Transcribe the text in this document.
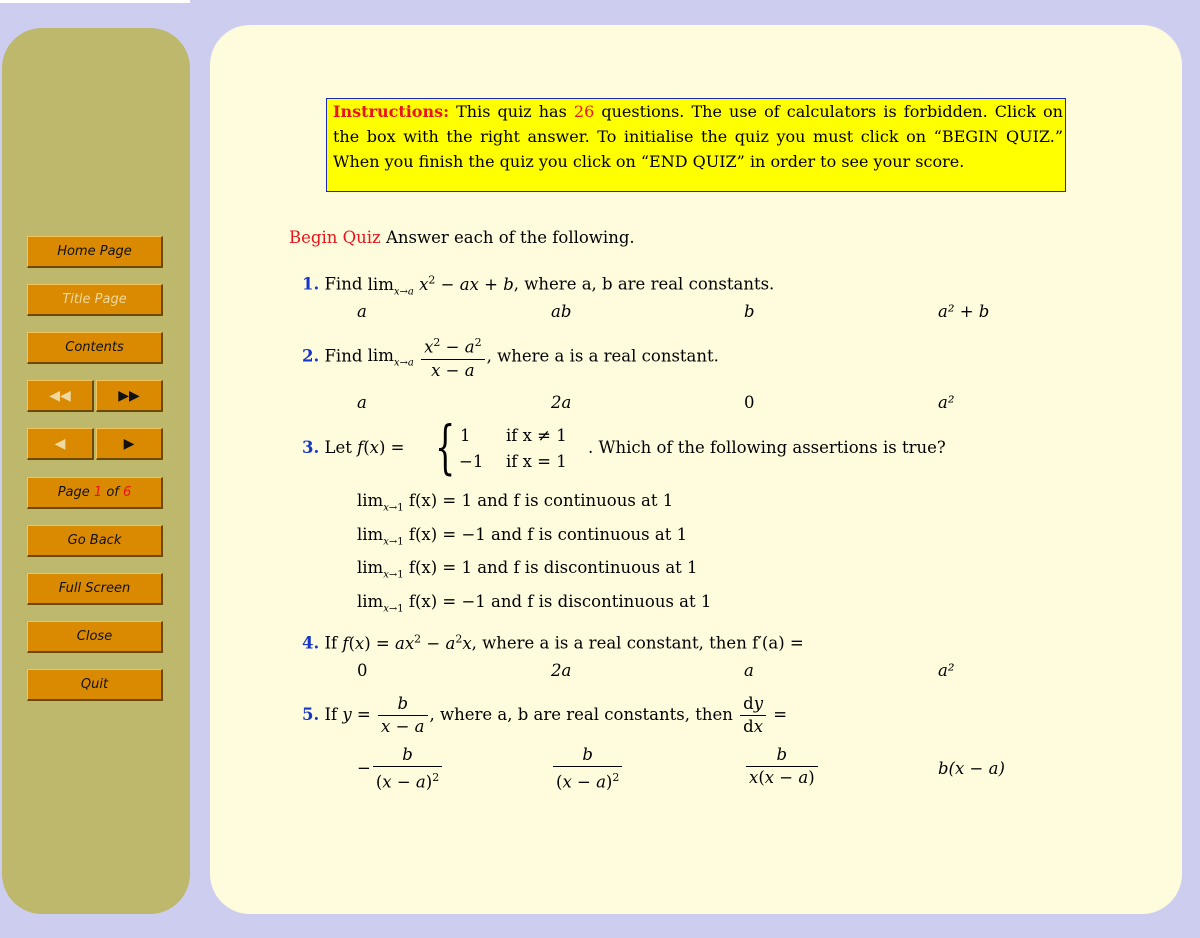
Home Page
Title Page
Contents
◀◀	▶▶
◀	▶
Page
1
of
6
Go Back
Full Screen
Close
Quit
Instructions: This quiz has 26 questions. The use of calculators is forbidden. Click on the box with the right answer. To initialise the quiz you must click on “BEGIN QUIZ.” When you finish the quiz you click on “END QUIZ” in order to see your score.
Begin Quiz Answer each of the following.
1. Find $\lim_{x\to a} x^2$ − ax + b, where a, b are real constants.
a	ab	b	a² + b
2. Find $\lim_{x\to a} \frac{x^2 - a^2}{x - a}$ , where a is a real constant.
a	2a	0	a²
3. Let f(x) = { 1 if x ≠ 1
−1 if x = 1
. Which of the following assertions is true?
$\lim_{x\to 1} f(x) = 1$ and f is continuous at 1
$\lim_{x\to 1} f(x) = -1$ and f is continuous at 1
$\lim_{x\to 1} f(x) = 1$ and f is discontinuous at 1
$\lim_{x\to 1} f(x) = -1$ and f is discontinuous at 1
4. If $f(x) = ax^2 - a^2x$, where a is a real constant, then f′(a) =
0	2a	a	a²
5. If $y = \frac{b}{x - a}$ , where a, b are real constants, then $\frac{dy}{dx}$ =
− $\frac{b}{(x - a)^2}$	$\frac{b}{(x - a)^2}$	$\frac{b}{x(x - a)}$	b(x − a)
